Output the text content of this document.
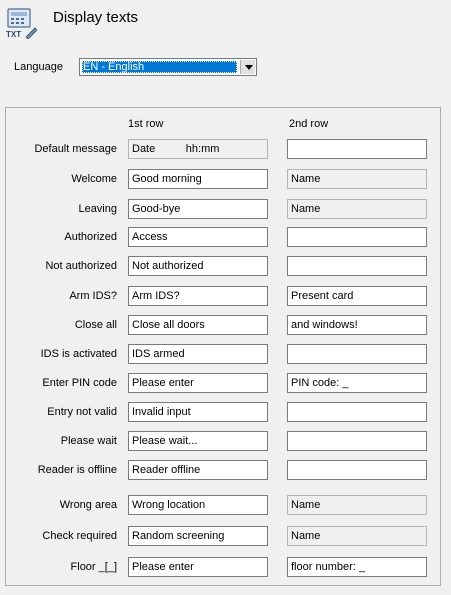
TXT
Display texts
Language EN - English
1st row	2nd row
Default message	Date          hh:mm
Welcome	Good morning	Name
Leaving	Good-bye	Name
Authorized	Access
Not authorized	Not authorized
Arm IDS?	Arm IDS?	Present card
Close all	Close all doors	and windows!
IDS is activated	IDS armed
Enter PIN code	Please enter	PIN code: _
Entry not valid	Invalid input
Please wait	Please wait...
Reader is offline	Reader offline
Wrong area	Wrong location	Name
Check required	Random screening	Name
Floor _[_]	Please enter	floor number: _
